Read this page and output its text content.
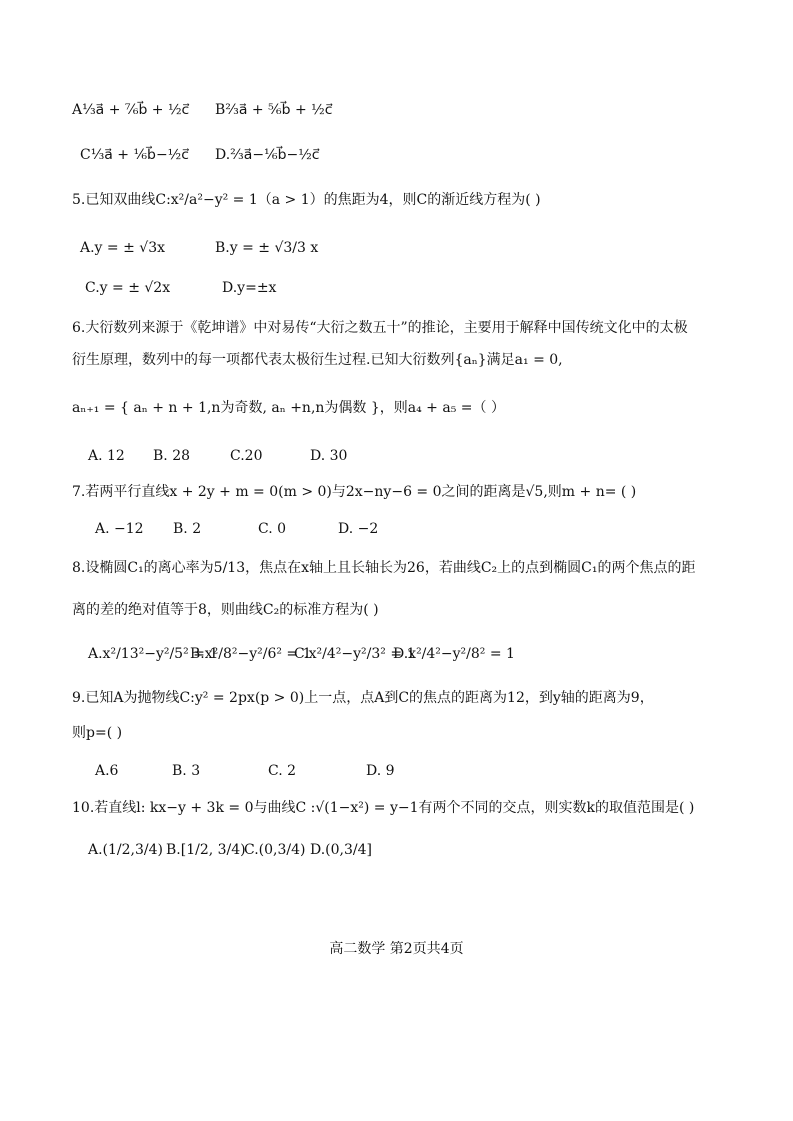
A⅓a⃗ + ⁷⁄₆b⃗ + ½c⃗ B⅔a⃗ + ⁵⁄₆b⃗ + ½c⃗
C⅓a⃗ + ⅙b⃗−½c⃗ D.⅔a⃗−⅙b⃗−½c⃗
5.已知双曲线C:x²/a²−y² = 1（a > 1）的焦距为4，则C的渐近线方程为( )
A.y = ± √3x	B.y = ± √3/3 x
C.y = ± √2x	D.y=±x
6.大衍数列来源于《乾坤谱》中对易传“大衍之数五十”的推论，主要用于解释中国传统文化中的太极
衍生原理，数列中的每一项都代表太极衍生过程.已知大衍数列{aₙ}满足a₁ = 0,
aₙ₊₁ = { aₙ + n + 1,n为奇数, aₙ +n,n为偶数 }，则a₄ + a₅ =（ ）
A. 12 B. 28	C.20	D. 30
7.若两平行直线x + 2y + m = 0(m > 0)与2x−ny−6 = 0之间的距离是√5,则m + n= ( )
A. −12 B. 2	C. 0	D. −2
8.设椭圆C₁的离心率为5/13，焦点在x轴上且长轴长为26，若曲线C₂上的点到椭圆C₁的两个焦点的距
离的差的绝对值等于8，则曲线C₂的标准方程为( )
A.x²/13²−y²/5² = 1
B.x²/8²−y²/6² = 1
C.x²/4²−y²/3² = 1
D.x²/4²−y²/8² = 1
9.已知A为抛物线C:y² = 2px(p > 0)上一点，点A到C的焦点的距离为12，到y轴的距离为9，
则p=( )
A.6	B. 3	C. 2	D. 9
10.若直线l: kx−y + 3k = 0与曲线C :√(1−x²) = y−1有两个不同的交点，则实数k的取值范围是( )
A.(1/2,3/4) B.[1/2, 3/4)
C.(0,3/4) D.(0,3/4]
高二数学 第2页共4页
